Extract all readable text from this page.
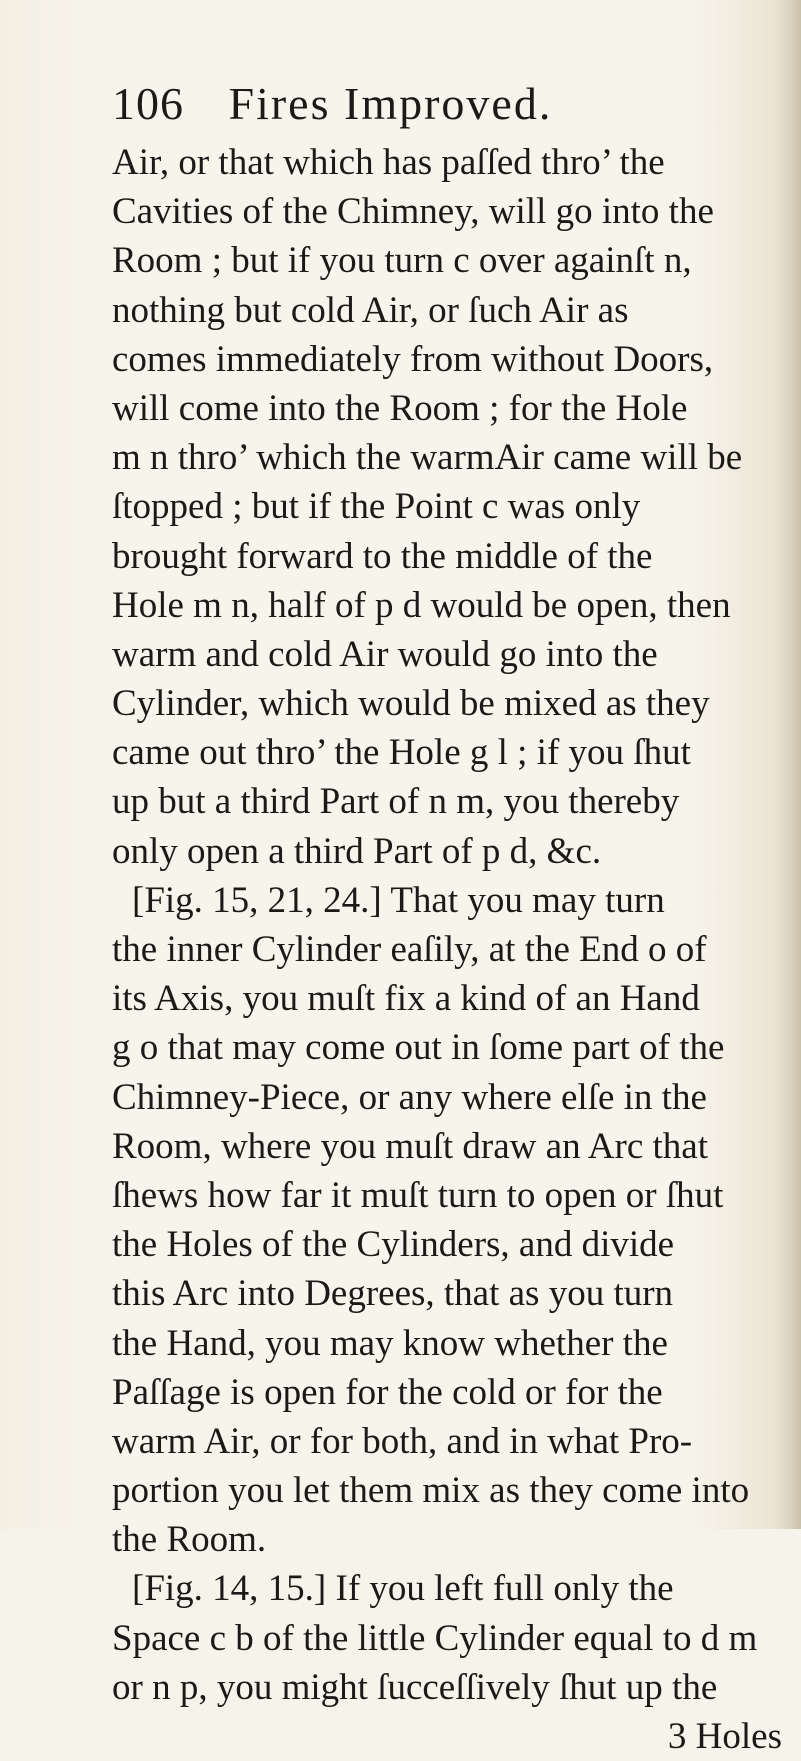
106 Fires Improved.
Air, or that which has paſſed thro’ the
Cavities of the Chimney, will go into the
Room ; but if you turn c over againſt n,
nothing but cold Air, or ſuch Air as
comes immediately from without Doors,
will come into the Room ; for the Hole
m n thro’ which the warmAir came will be
ſtopped ; but if the Point c was only
brought forward to the middle of the
Hole m n, half of p d would be open, then
warm and cold Air would go into the
Cylinder, which would be mixed as they
came out thro’ the Hole g l ; if you ſhut
up but a third Part of n m, you thereby
only open a third Part of p d, &c.
[Fig. 15, 21, 24.] That you may turn
the inner Cylinder eaſily, at the End o of
its Axis, you muſt fix a kind of an Hand
g o that may come out in ſome part of the
Chimney-Piece, or any where elſe in the
Room, where you muſt draw an Arc that
ſhews how far it muſt turn to open or ſhut
the Holes of the Cylinders, and divide
this Arc into Degrees, that as you turn
the Hand, you may know whether the
Paſſage is open for the cold or for the
warm Air, or for both, and in what Pro-
portion you let them mix as they come into
the Room.
[Fig. 14, 15.] If you left full only the
Space c b of the little Cylinder equal to d m
or n p, you might ſucceſſively ſhut up the
3 Holes
